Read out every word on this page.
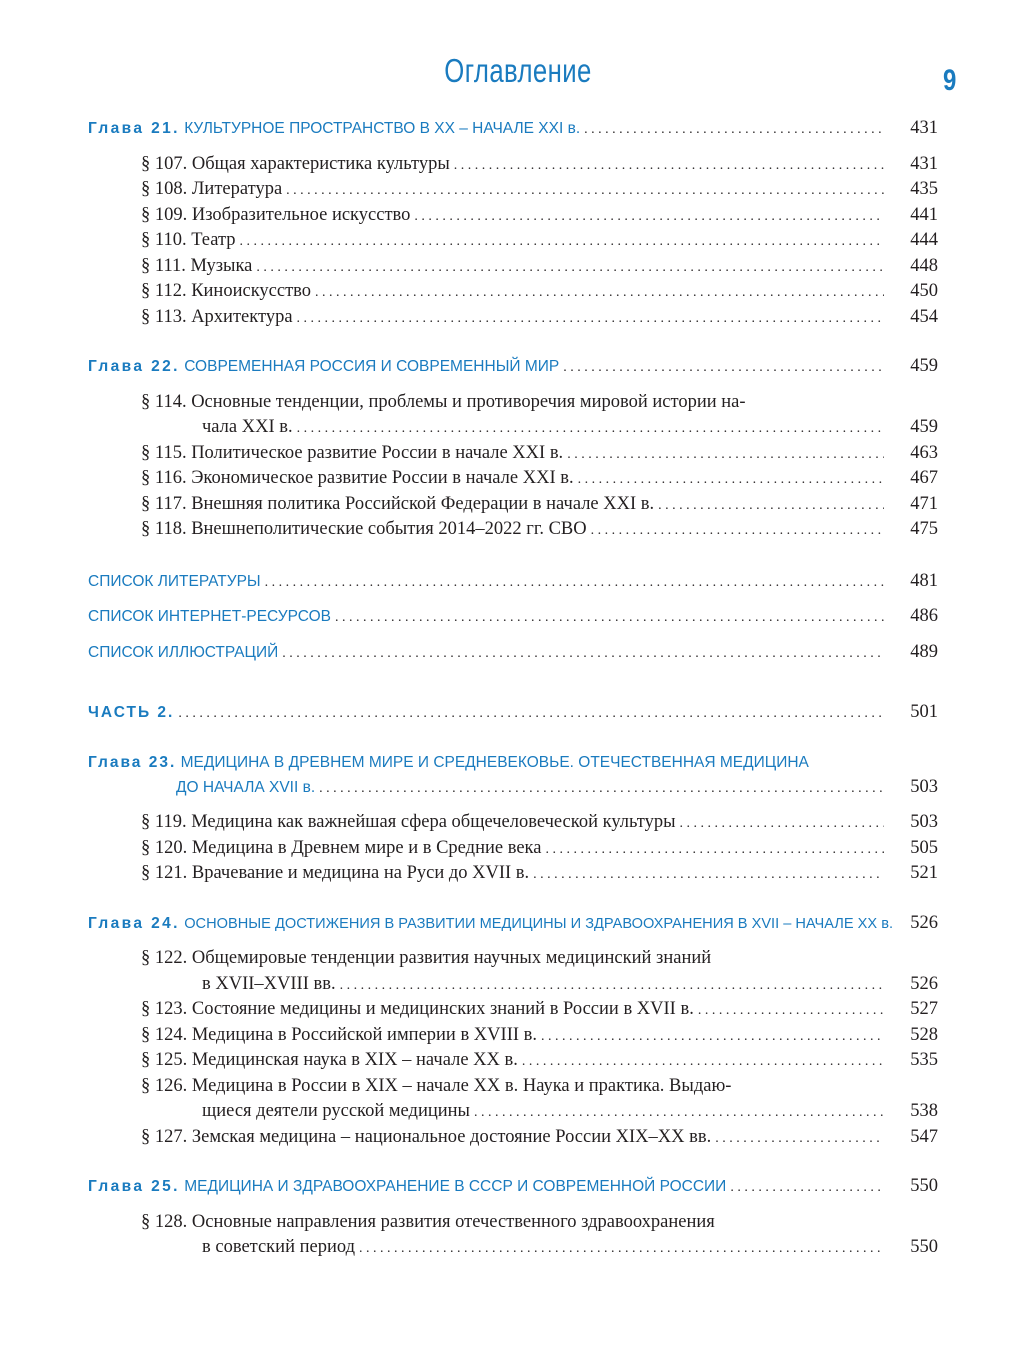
Оглавление	9
Глава 21. КУЛЬТУРНОЕ ПРОСТРАНСТВО В ХХ – НАЧАЛЕ XXI в. . . .	431
§ 107. Общая характеристика культуры . . .	431
§ 108. Литература . . .	435
§ 109. Изобразительное искусство . . .	441
§ 110. Театр . . .	444
§ 111. Музыка . . .	448
§ 112. Киноискусство . . .	450
§ 113. Архитектура . . .	454
Глава 22. СОВРЕМЕННАЯ РОССИЯ И СОВРЕМЕННЫЙ МИР . . .	459
§ 114. Основные тенденции, проблемы и противоречия мировой истории на-
чала XXI в. . . .	459
§ 115. Политическое развитие России в начале XXI в. . . .	463
§ 116. Экономическое развитие России в начале XXI в. . . .	467
§ 117. Внешняя политика Российской Федерации в начале XXI в. . . .	471
§ 118. Внешнеполитические события 2014–2022 гг. СВО . . .	475
СПИСОК ЛИТЕРАТУРЫ . . .	481
СПИСОК ИНТЕРНЕТ-РЕСУРСОВ . . .	486
СПИСОК ИЛЛЮСТРАЦИЙ . . .	489
ЧАСТЬ 2. . . .	501
Глава 23. МЕДИЦИНА В ДРЕВНЕМ МИРЕ И СРЕДНЕВЕКОВЬЕ. ОТЕЧЕСТВЕННАЯ МЕДИЦИНА
ДО НАЧАЛА XVII в. . . .	503
§ 119. Медицина как важнейшая сфера общечеловеческой культуры . . .	503
§ 120. Медицина в Древнем мире и в Средние века . . .	505
§ 121. Врачевание и медицина на Руси до XVII в. . . .	521
Глава 24. ОСНОВНЫЕ ДОСТИЖЕНИЯ В РАЗВИТИИ МЕДИЦИНЫ И ЗДРАВООХРАНЕНИЯ В XVII – НАЧАЛЕ ХХ в. 526
§ 122. Общемировые тенденции развития научных медицинский знаний
в XVII–XVIII вв. . . .	526
§ 123. Состояние медицины и медицинских знаний в России в XVII в. . . .	527
§ 124. Медицина в Российской империи в XVIII в. . . .	528
§ 125. Медицинская наука в XIX – начале XX в. . . .	535
§ 126. Медицина в России в XIX – начале XX в. Наука и практика. Выдаю-
щиеся деятели русской медицины . . .	538
§ 127. Земская медицина – национальное достояние России XIX–XX вв. . . .	547
Глава 25. МЕДИЦИНА И ЗДРАВООХРАНЕНИЕ В СССР И СОВРЕМЕННОЙ РОССИИ . . .	550
§ 128. Основные направления развития отечественного здравоохранения
в советский период . . .	550
